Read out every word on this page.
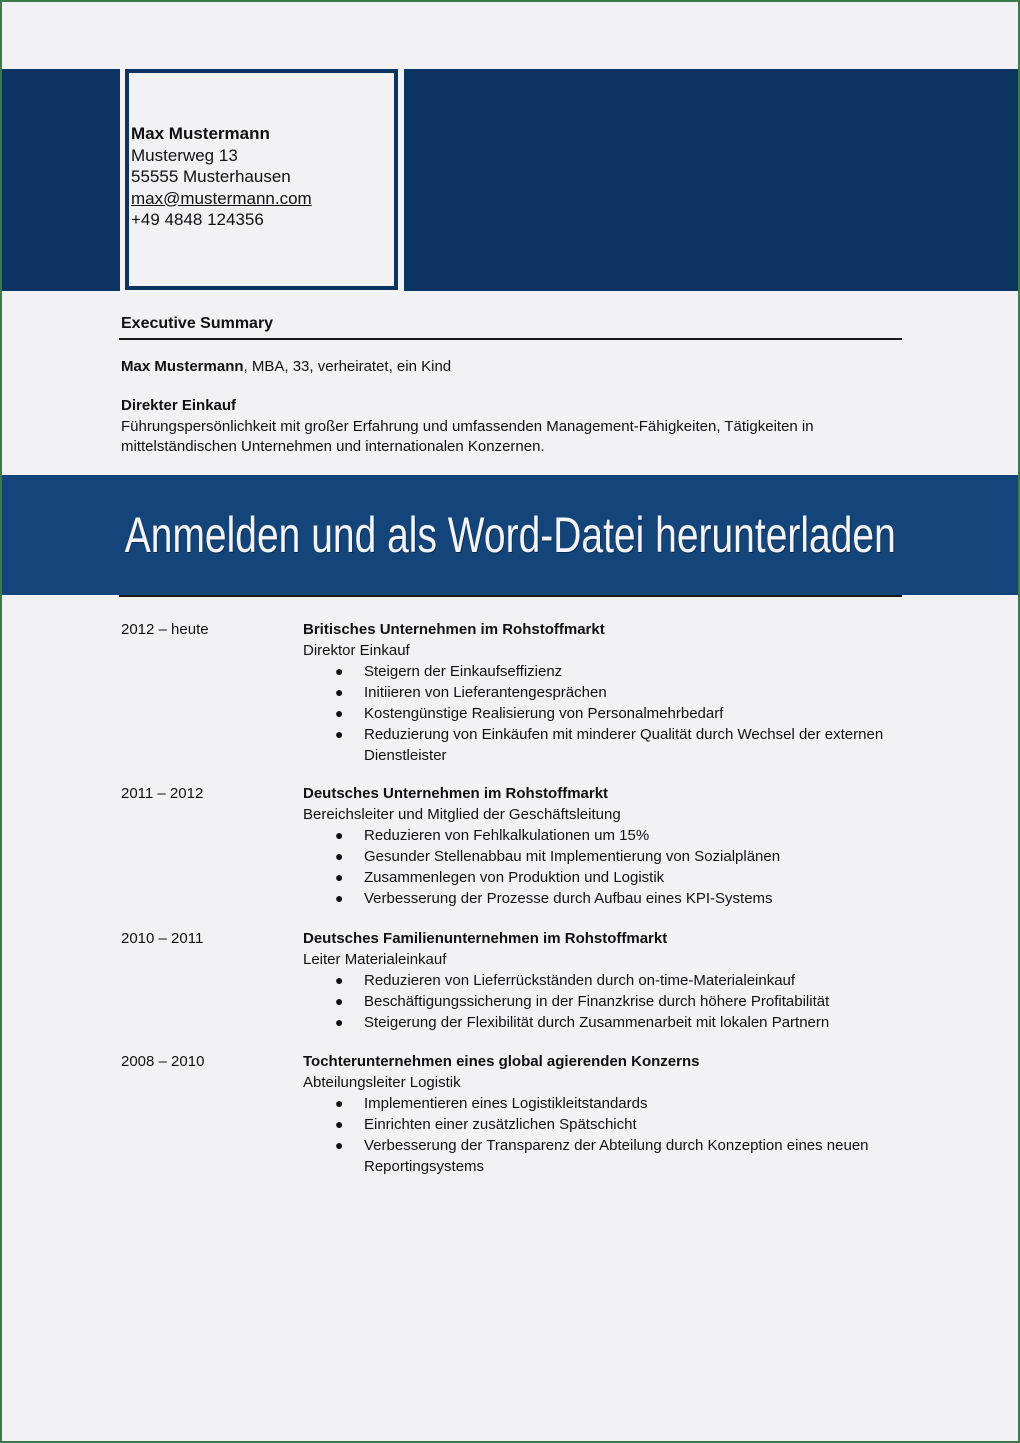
Max Mustermann
Musterweg 13
55555 Musterhausen
max@mustermann.com
+49 4848 124356
Executive Summary
Max Mustermann, MBA, 33, verheiratet, ein Kind
Direkter Einkauf
Führungspersönlichkeit mit großer Erfahrung und umfassenden Management-Fähigkeiten, Tätigkeiten in mittelständischen Unternehmen und internationalen Konzernen.
Anmelden und als Word-Datei herunterladen
2012 – heute	Britisches Unternehmen im Rohstoffmarkt
Direktor Einkauf
● Steigern der Einkaufseffizienz
● Initiieren von Lieferantengesprächen
● Kostengünstige Realisierung von Personalmehrbedarf
● Reduzierung von Einkäufen mit minderer Qualität durch Wechsel der externen Dienstleister
2011 – 2012	Deutsches Unternehmen im Rohstoffmarkt
Bereichsleiter und Mitglied der Geschäftsleitung
● Reduzieren von Fehlkalkulationen um 15%
● Gesunder Stellenabbau mit Implementierung von Sozialplänen
● Zusammenlegen von Produktion und Logistik
● Verbesserung der Prozesse durch Aufbau eines KPI-Systems
2010 – 2011	Deutsches Familienunternehmen im Rohstoffmarkt
Leiter Materialeinkauf
● Reduzieren von Lieferrückständen durch on-time-Materialeinkauf
● Beschäftigungssicherung in der Finanzkrise durch höhere Profitabilität
● Steigerung der Flexibilität durch Zusammenarbeit mit lokalen Partnern
2008 – 2010	Tochterunternehmen eines global agierenden Konzerns
Abteilungsleiter Logistik
● Implementieren eines Logistikleitstandards
● Einrichten einer zusätzlichen Spätschicht
● Verbesserung der Transparenz der Abteilung durch Konzeption eines neuen Reportingsystems
